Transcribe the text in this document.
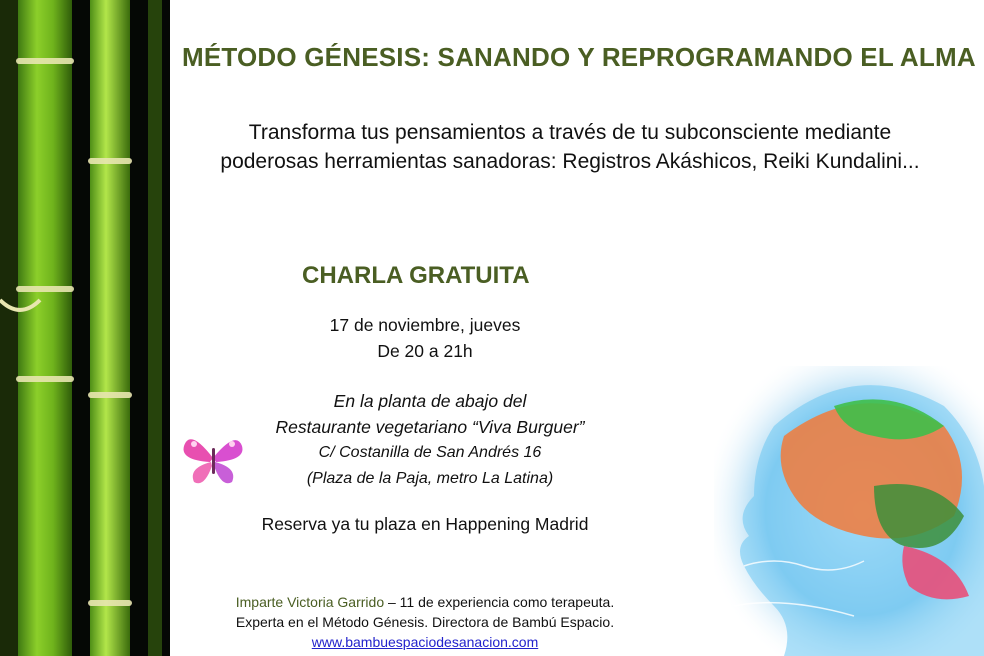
MÉTODO GÉNESIS: SANANDO Y REPROGRAMANDO EL ALMA
Transforma tus pensamientos a través de tu subconsciente mediante
poderosas herramientas sanadoras: Registros Akáshicos, Reiki Kundalini...
CHARLA GRATUITA
17 de noviembre, jueves
De 20 a 21h
En la planta de abajo del
Restaurante vegetariano “Viva Burguer”
C/ Costanilla de San Andrés 16
(Plaza de la Paja, metro La Latina)
Reserva ya tu plaza en Happening Madrid
Imparte Victoria Garrido – 11 de experiencia como terapeuta.
Experta en el Método Génesis. Directora de Bambú Espacio.
www.bambuespaciodesanacion.com
